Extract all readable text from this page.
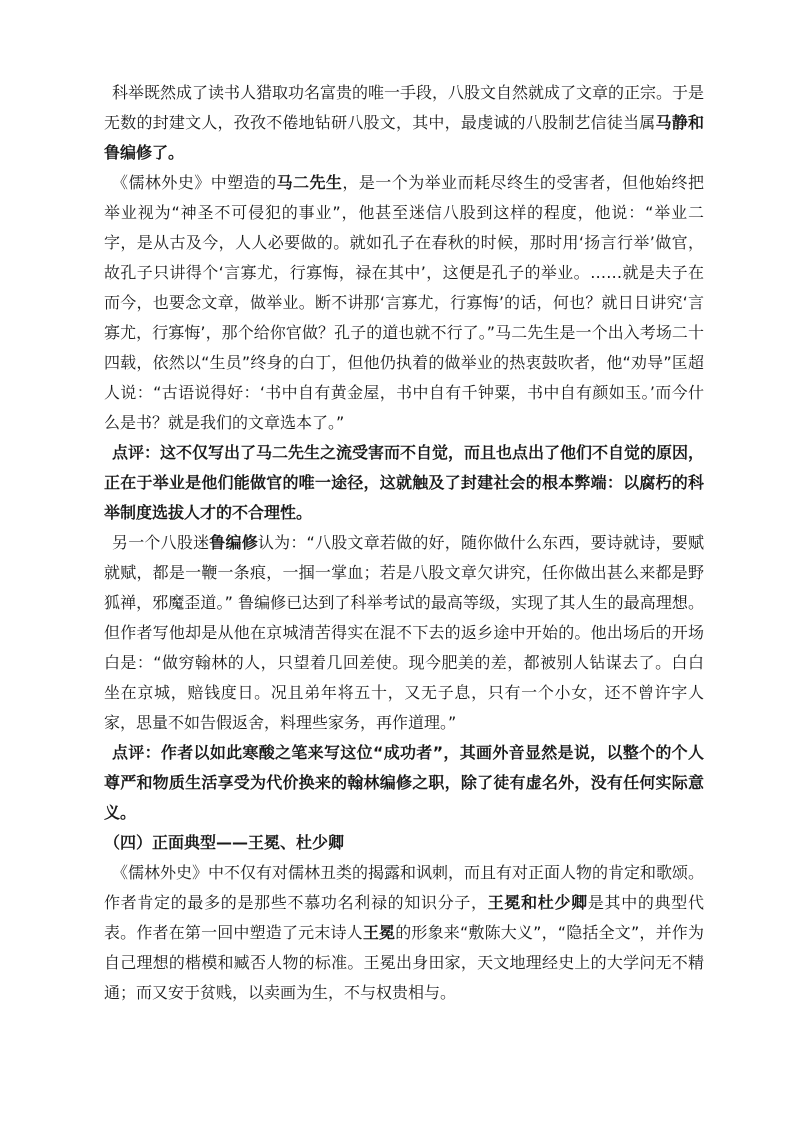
科举既然成了读书人猎取功名富贵的唯一手段，八股文自然就成了文章的正宗。于是无数的封建文人，孜孜不倦地钻研八股文，其中，最虔诚的八股制艺信徒当属马静和鲁编修了。

《儒林外史》中塑造的马二先生，是一个为举业而耗尽终生的受害者，但他始终把举业视为“神圣不可侵犯的事业”，他甚至迷信八股到这样的程度，他说：“举业二字，是从古及今，人人必要做的。就如孔子在春秋的时候，那时用‘扬言行举’做官，故孔子只讲得个‘言寡尤，行寡悔，禄在其中’，这便是孔子的举业。……就是夫子在而今，也要念文章，做举业。断不讲那‘言寡尤，行寡悔’的话，何也？就日日讲究‘言寡尤，行寡悔’，那个给你官做？孔子的道也就不行了。”马二先生是一个出入考场二十四载，依然以“生员”终身的白丁，但他仍执着的做举业的热衷鼓吹者，他“劝导”匡超人说：“古语说得好：‘书中自有黄金屋，书中自有千钟粟，书中自有颜如玉。’而今什么是书？就是我们的文章选本了。”

点评：这不仅写出了马二先生之流受害而不自觉，而且也点出了他们不自觉的原因，正在于举业是他们能做官的唯一途径，这就触及了封建社会的根本弊端：以腐朽的科举制度选拔人才的不合理性。

另一个八股迷鲁编修认为：“八股文章若做的好，随你做什么东西，要诗就诗，要赋就赋，都是一鞭一条痕，一掴一掌血；若是八股文章欠讲究，任你做出甚么来都是野狐禅，邪魔歪道。” 鲁编修已达到了科举考试的最高等级，实现了其人生的最高理想。但作者写他却是从他在京城清苦得实在混不下去的返乡途中开始的。他出场后的开场白是：“做穷翰林的人，只望着几回差使。现今肥美的差，都被别人钻谋去了。白白坐在京城，赔钱度日。况且弟年将五十，又无子息，只有一个小女，还不曾许字人家，思量不如告假返舍，料理些家务，再作道理。”

点评：作者以如此寒酸之笔来写这位“成功者”，其画外音显然是说，以整个的个人尊严和物质生活享受为代价换来的翰林编修之职，除了徒有虚名外，没有任何实际意义。

（四）正面典型——王冕、杜少卿

《儒林外史》中不仅有对儒林丑类的揭露和讽刺，而且有对正面人物的肯定和歌颂。作者肯定的最多的是那些不慕功名利禄的知识分子，王冕和杜少卿是其中的典型代表。作者在第一回中塑造了元末诗人王冕的形象来“敷陈大义”，“隐括全文”，并作为自己理想的楷模和臧否人物的标准。王冕出身田家，天文地理经史上的大学问无不精通；而又安于贫贱，以卖画为生，不与权贵相与。
